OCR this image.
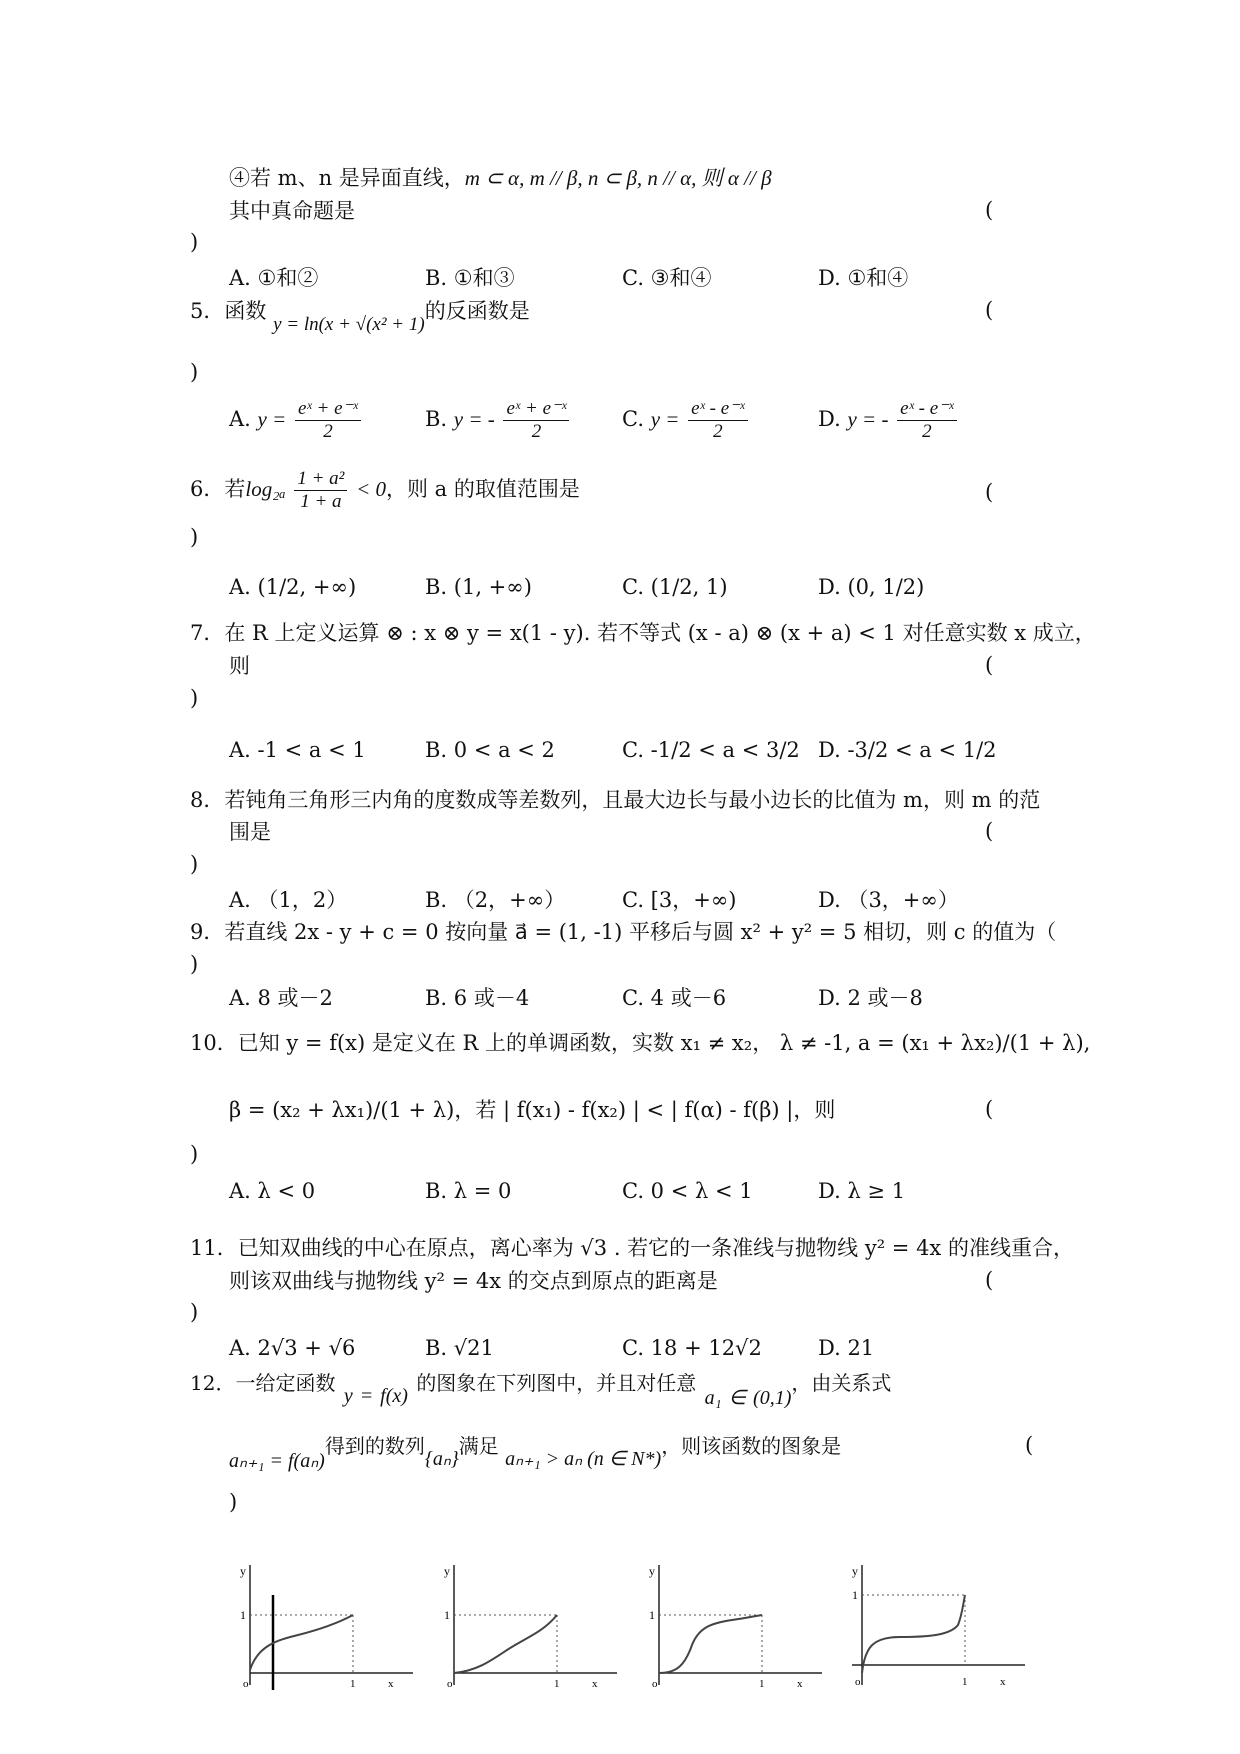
④若 m、n 是异面直线，m ⊂ α, m // β, n ⊂ β, n // α, 则 α // β
其中真命题是	(
)
A. ①和②	B. ①和③	C. ③和④	D. ①和④
5．函数 y = ln(x + √(x² + 1)的反函数是	(
)
A. $y = \frac{\text{eˣ + e⁻ˣ}}{2}$	B. y = - $\frac{\text{eˣ + e⁻ˣ}}{2}$	C. $y = \frac{\text{eˣ - e⁻ˣ}}{2}$	D. y = - $\frac{\text{eˣ - e⁻ˣ}}{2}$
6．若$\log_{2a} \frac{\text{1 + a²}}{1 + a} < 0$，则 a 的取值范围是	(
)
A. (1/2, +∞)	B. (1, +∞)	C. (1/2, 1)	D. (0, 1/2)
7．在 R 上定义运算 ⊗ : x ⊗ y = x(1 - y). 若不等式 (x - a) ⊗ (x + a) < 1 对任意实数 x 成立，
则	(
)
A. -1 < a < 1	B. 0 < a < 2	C. -1/2 < a < 3/2 D. -3/2 < a < 1/2
8．若钝角三角形三内角的度数成等差数列，且最大边长与最小边长的比值为 m，则 m 的范
围是	(
)
A. （1，2）	B. （2，+∞）	C. [3，+∞)	D. （3，+∞）
9．若直线 2x - y + c = 0 按向量 a⃗ = (1, -1) 平移后与圆 x² + y² = 5 相切，则 c 的值为（
)
A. 8 或－2	B. 6 或－4	C. 4 或－6	D. 2 或－8
10．已知 y = f(x) 是定义在 R 上的单调函数，实数 x₁ ≠ x₂， λ ≠ -1, a = (x₁ + λx₂)/(1 + λ),
β = (x₂ + λx₁)/(1 + λ)，若 | f(x₁) - f(x₂) | < | f(α) - f(β) |，则	(
)
A. λ < 0	B. λ = 0	C. 0 < λ < 1	D. λ ≥ 1
11．已知双曲线的中心在原点，离心率为 √3 . 若它的一条准线与抛物线 y² = 4x 的准线重合，
则该双曲线与抛物线 y² = 4x 的交点到原点的距离是	(
)
A. 2√3 + √6	B. √21	C. 18 + 12√2	D. 21
12．一给定函数 y = f(x) 的图象在下列图中，并且对任意 a₁ ∈ (0,1)，由关系式
aₙ₊₁ = f(aₙ)得到的数列{aₙ}满足 aₙ₊₁ > aₙ (n ∈ N*)，则该函数的图象是	(
)
y
1
o	1	x
y
1
o	1	x
y
1
o	1	x
y
1
o	1	x
